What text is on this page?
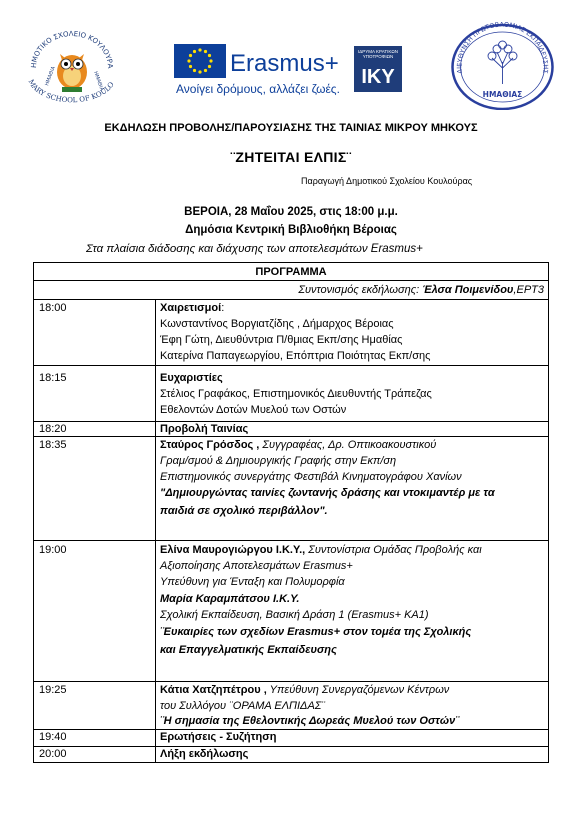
ΗΜΟΤΙΚΟ ΣΧΟΛΕΙΟ ΚΟΥΛΟΥΡΑ
MARY SCHOOL OF KOULO
ΗΜΑΘΙΑ	ΗΜΑΘΙΑ
Erasmus+
Ανοίγει δρόμους, αλλάζει ζωές.
ΙΔΡΥΜΑ ΚΡΑΤΙΚΩΝ ΥΠΟΤΡΟΦΙΩΝ
IKY	ΔΙΕΥΘΥΝΣΗ ΠΡΩΤΟΒΑΘΜΙΑΣ ΕΚΠΑΙΔΕΥΣΗΣ
ΗΜΑΘΙΑΣ
ΕΚΔΗΛΩΣΗ ΠΡΟΒΟΛΗΣ/ΠΑΡΟΥΣΙΑΣΗΣ ΤΗΣ ΤΑΙΝΙΑΣ ΜΙΚΡΟΥ ΜΗΚΟΥΣ
¨ΖΗΤΕΙΤΑΙ ΕΛΠΙΣ¨
Παραγωγή Δημοτικού Σχολείου Κουλούρας
ΒΕΡΟΙΑ, 28 Μαΐου 2025, στις 18:00 μ.μ.
Δημόσια Κεντρική Βιβλιοθήκη Βέροιας
Στα πλαίσια διάδοσης και διάχυσης των αποτελεσμάτων Erasmus+
ΠΡΟΓΡΑΜΜΑ
Συντονισμός εκδήλωσης: Έλσα Ποιμενίδου,ΕΡΤ3
18:00	Χαιρετισμοί:
Κωνσταντίνος Βοργιατζίδης , Δήμαρχος Βέροιας
Έφη Γώτη, Διευθύντρια Π/θμιας Εκπ/σης Ημαθίας
Κατερίνα Παπαγεωργίου, Επόπτρια Ποιότητας Εκπ/σης
18:15	Ευχαριστίες
Στέλιος Γραφάκος, Επιστημονικός Διευθυντής Τράπεζας
Εθελοντών Δοτών Μυελού των Οστών
18:20	Προβολή Ταινίας
18:35	Σταύρος Γρόσδος , Συγγραφέας, Δρ. Οπτικοακουστικού
Γραμ/σμού & Δημιουργικής Γραφής στην Εκπ/ση
Επιστημονικός συνεργάτης Φεστιβάλ Κινηματογράφου Χανίων
"Δημιουργώντας ταινίες ζωντανής δράσης και ντοκιμαντέρ με τα
παιδιά σε σχολικό περιβάλλον".
19:00	Ελίνα Μαυρογιώργου Ι.Κ.Υ., Συντονίστρια Ομάδας Προβολής και
Αξιοποίησης Αποτελεσμάτων Erasmus+
Υπεύθυνη για Ένταξη και Πολυμορφία
Μαρία Καραμπάτσου Ι.Κ.Υ.
Σχολική Εκπαίδευση, Βασική Δράση 1 (Erasmus+ KA1)
¨Ευκαιρίες των σχεδίων Erasmus+ στον τομέα της Σχολικής
και Επαγγελματικής Εκπαίδευσης
19:25	Κάτια Χατζηπέτρου , Υπεύθυνη Συνεργαζόμενων Κέντρων
του Συλλόγου ¨ΟΡΑΜΑ ΕΛΠΙΔΑΣ¨
¨Η σημασία της Εθελοντικής Δωρεάς Μυελού των Οστών¨
19:40	Ερωτήσεις - Συζήτηση
20:00	Λήξη εκδήλωσης
